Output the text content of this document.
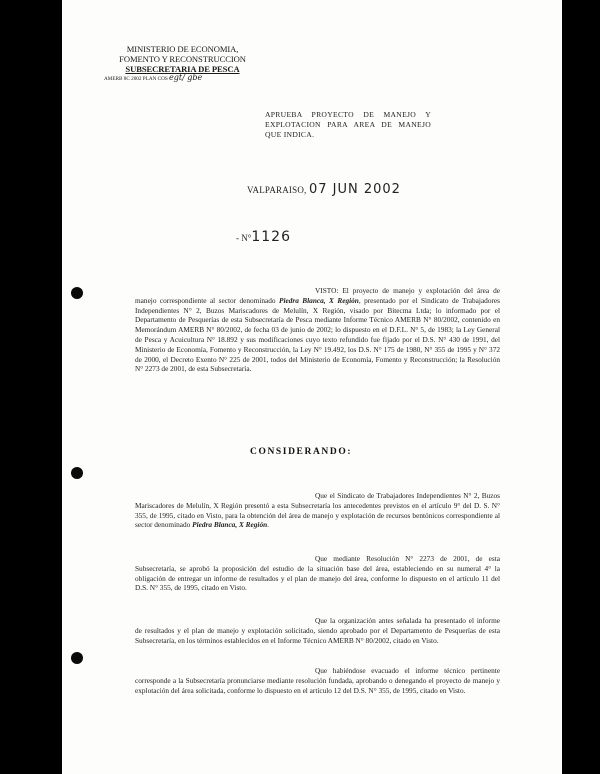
MINISTERIO DE ECONOMIA,
FOMENTO Y RECONSTRUCCION
SUBSECRETARIA DE PESCA
AMERB 8C 2002 PLAN COS egt/ gbe
APRUEBA PROYECTO DE MANEJO Y EXPLOTACION PARA AREA DE MANEJO QUE INDICA.
VALPARAISO, 07 JUN 2002
- N°1126
VISTO: El proyecto de manejo y explotación del área de manejo correspondiente al sector denominado Piedra Blanca, X Región, presentado por el Sindicato de Trabajadores Independientes N° 2, Buzos Mariscadores de Melulín, X Región, visado por Bitecma Ltda; lo informado por el Departamento de Pesquerías de esta Subsecretaría de Pesca mediante Informe Técnico AMERB N° 80/2002, contenido en Memorándum AMERB N° 80/2002, de fecha 03 de junio de 2002; lo dispuesto en el D.F.L. N° 5, de 1983; la Ley General de Pesca y Acuicultura N° 18.892 y sus modificaciones cuyo texto refundido fue fijado por el D.S. N° 430 de 1991, del Ministerio de Economía, Fomento y Reconstrucción, la Ley N° 19.492, los D.S. N° 175 de 1980, N° 355 de 1995 y N° 372 de 2000, el Decreto Exento N° 225 de 2001, todos del Ministerio de Economía, Fomento y Reconstrucción; la Resolución N° 2273 de 2001, de esta Subsecretaría.
CONSIDERANDO:
Que el Sindicato de Trabajadores Independientes N° 2, Buzos Mariscadores de Melulín, X Región presentó a esta Subsecretaría los antecedentes previstos en el artículo 9° del D. S. N° 355, de 1995, citado en Visto, para la obtención del área de manejo y explotación de recursos bentónicos correspondiente al sector denominado Piedra Blanca, X Región.
Que mediante Resolución N° 2273 de 2001, de esta Subsecretaría, se aprobó la proposición del estudio de la situación base del área, estableciendo en su numeral 4° la obligación de entregar un informe de resultados y el plan de manejo del área, conforme lo dispuesto en el artículo 11 del D.S. N° 355, de 1995, citado en Visto.
Que la organización antes señalada ha presentado el informe de resultados y el plan de manejo y explotación solicitado, siendo aprobado por el Departamento de Pesquerías de esta Subsecretaría, en los términos establecidos en el Informe Técnico AMERB N° 80/2002, citado en Visto.
Que habiéndose evacuado el informe técnico pertinente corresponde a la Subsecretaría pronunciarse mediante resolución fundada, aprobando o denegando el proyecto de manejo y explotación del área solicitada, conforme lo dispuesto en el artículo 12 del D.S. N° 355, de 1995, citado en Visto.
